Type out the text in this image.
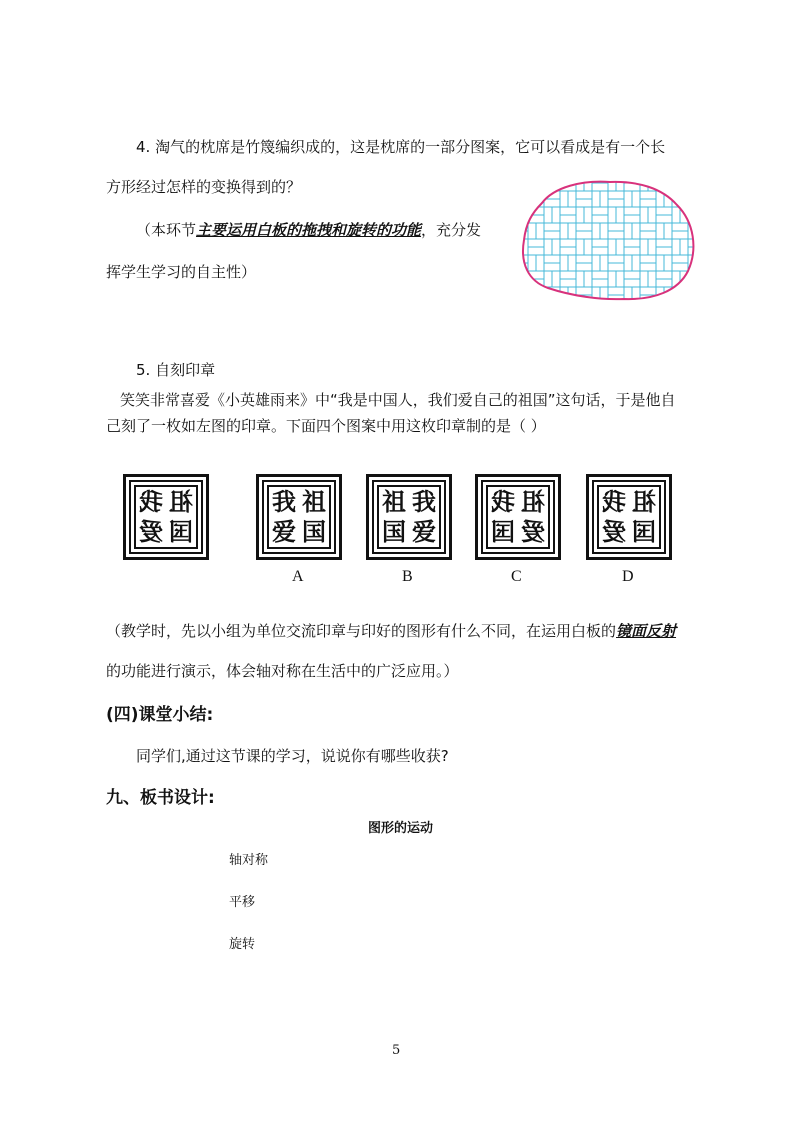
4. 淘气的枕席是竹篾编织成的，这是枕席的一部分图案，它可以看成是有一个长
方形经过怎样的变换得到的？
（本环节主要运用白板的拖拽和旋转的功能，充分发
挥学生学习的自主性）
5. 自刻印章
笑笑非常喜爱《小英雄雨来》中“我是中国人，我们爱自己的祖国”这句话，于是他自
己刻了一枚如左图的印章。下面四个图案中用这枚印章制的是（ ）
祖
我
国
爱
我 祖
爱 国
A
祖 我
国 爱
B
祖
我
爱
国
C
祖
我
国
爱
D
（教学时，先以小组为单位交流印章与印好的图形有什么不同，在运用白板的镜面反射
的功能进行演示，体会轴对称在生活中的广泛应用。）
(四)课堂小结:
同学们,通过这节课的学习，说说你有哪些收获?
九、板书设计:
图形的运动
轴对称
平移
旋转
5
